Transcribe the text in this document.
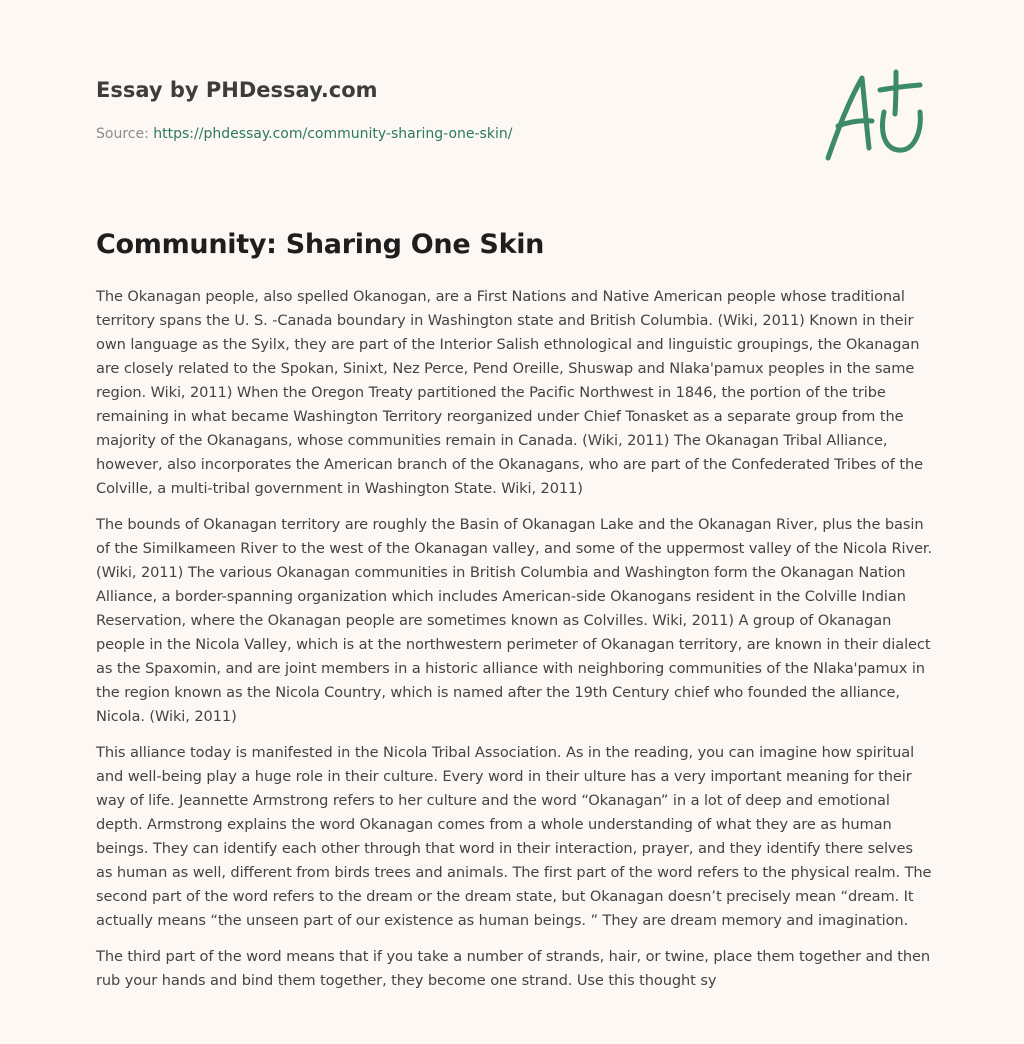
Essay by PHDessay.com
Source: https://phdessay.com/community-sharing-one-skin/
Community: Sharing One Skin

The Okanagan people, also spelled Okanogan, are a First Nations and Native American people whose traditional territory spans the U. S. -Canada boundary in Washington state and British Columbia. (Wiki, 2011) Known in their own language as the Syilx, they are part of the Interior Salish ethnological and linguistic groupings, the Okanagan are closely related to the Spokan, Sinixt, Nez Perce, Pend Oreille, Shuswap and Nlaka'pamux peoples in the same region. Wiki, 2011) When the Oregon Treaty partitioned the Pacific Northwest in 1846, the portion of the tribe remaining in what became Washington Territory reorganized under Chief Tonasket as a separate group from the majority of the Okanagans, whose communities remain in Canada. (Wiki, 2011) The Okanagan Tribal Alliance, however, also incorporates the American branch of the Okanagans, who are part of the Confederated Tribes of the Colville, a multi-tribal government in Washington State. Wiki, 2011)

The bounds of Okanagan territory are roughly the Basin of Okanagan Lake and the Okanagan River, plus the basin of the Similkameen River to the west of the Okanagan valley, and some of the uppermost valley of the Nicola River. (Wiki, 2011) The various Okanagan communities in British Columbia and Washington form the Okanagan Nation Alliance, a border-spanning organization which includes American-side Okanogans resident in the Colville Indian Reservation, where the Okanagan people are sometimes known as Colvilles. Wiki, 2011) A group of Okanagan people in the Nicola Valley, which is at the northwestern perimeter of Okanagan territory, are known in their dialect as the Spaxomin, and are joint members in a historic alliance with neighboring communities of the Nlaka'pamux in the region known as the Nicola Country, which is named after the 19th Century chief who founded the alliance, Nicola. (Wiki, 2011)

This alliance today is manifested in the Nicola Tribal Association. As in the reading, you can imagine how spiritual and well-being play a huge role in their culture. Every word in their ulture has a very important meaning for their way of life. Jeannette Armstrong refers to her culture and the word “Okanagan” in a lot of deep and emotional depth. Armstrong explains the word Okanagan comes from a whole understanding of what they are as human beings. They can identify each other through that word in their interaction, prayer, and they identify there selves as human as well, different from birds trees and animals. The first part of the word refers to the physical realm. The second part of the word refers to the dream or the dream state, but Okanagan doesn’t precisely mean “dream. It actually means “the unseen part of our existence as human beings. ” They are dream memory and imagination.

The third part of the word means that if you take a number of strands, hair, or twine, place them together and then rub your hands and bind them together, they become one strand. Use this thought sy
